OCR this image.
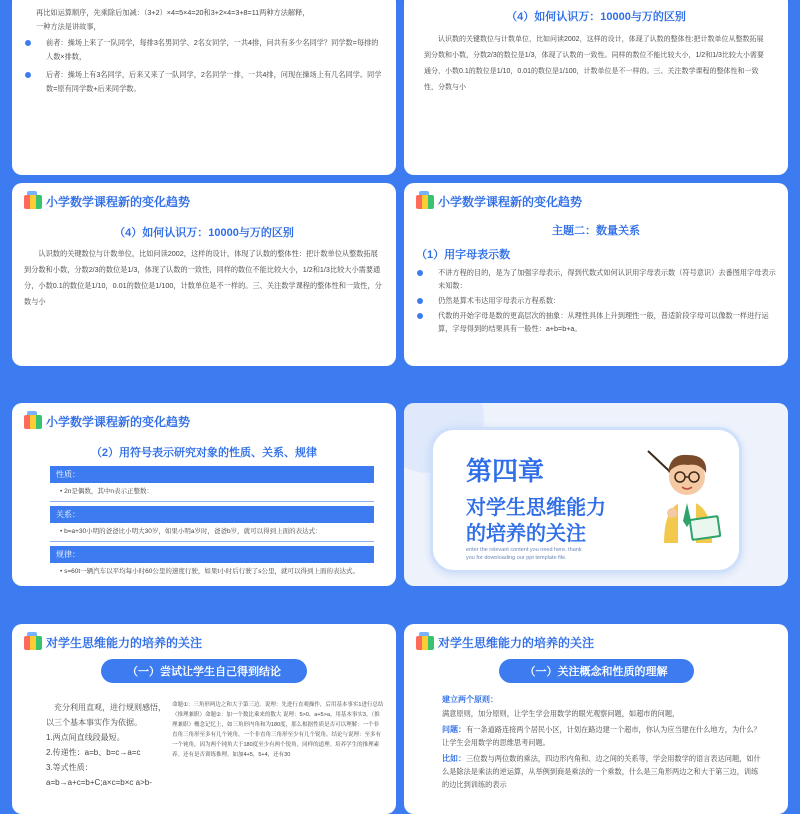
再比如运算顺序，先乘除后加减：（3+2）×4=5×4=20和3+2×4=3+8=11两种方法解释，
一种方法是讲故事，
前者：操场上来了一队同学，每排3名男同学、2名女同学，一共4排，问共有多少名同学？同学数=每排的人数×排数，
后者：操场上有3名同学，后来又来了一队同学，2名同学一排，一共4排，问现在操场上有几名同学。同学数=原有同学数+后来同学数。
（4）如何认识万：10000与万的区别
认识数的关键数位与计数单位，比如问读2002，这样的设计，体现了认数的整体性:把计数单位从整数拓展到分数和小数，分数2/3的数位是1/3，体现了认数的一致性。同样的数位不能比较大小，1/2和1/3比较大小需要通分，小数0.1的数位是1/10，0.01的数位是1/100，计数单位是不一样的。三、关注数学课程的整体性和一致性，分数与小
小学数学课程新的变化趋势
（4）如何认识万：10000与万的区别
认识数的关键数位与计数单位，比如问读2002，这样的设计，体现了认数的整体性：把计数单位从整数拓展到分数和小数，分数2/3的数位是1/3，体现了认数的一致性，同样的数位不能比较大小，1/2和1/3比较大小需要通分，小数0.1的数位是1/10，0.01的数位是1/100，计数单位是不一样的。三、关注数学课程的整体性和一致性，分数与小
小学数学课程新的变化趋势
主题二：数量关系
（1）用字母表示数
不讲方程的目的，是为了加强字母表示，得到代数式如何认识用字母表示数（符号意识）去番图用字母表示未知数：
仍然是算术韦达用字母表示方程系数：
代数的开始字母是数的更高层次的抽象：从理性具体上升到理性一般，普适阶段字母可以像数一样进行运算，字母得到的结果具有一般性：a+b=b+a。
小学数学课程新的变化趋势
（2）用符号表示研究对象的性质、关系、规律
性质：
• 2n是偶数，其中n表示正整数：
关系：
• b=a+30小明的爸爸比小明大30岁，如果小明a岁时，爸爸b岁，就可以得到上面的表达式：
规律：
• s=60t一辆汽车以平均每小时60公里的速度行驶，如果t小时后行驶了s公里，就可以得到上面的表达式。
第四章
对学生思维能力
的培养的关注
enter the relevant content you need here. thank
you for downloading our ppt template file.
对学生思维能力的培养的关注
（一）尝试让学生自己得到结论
充分利用直观，进行规则感悟，以三个基本事实作为依据。
1.两点间直线段最短。
2.传递性：a=b、b=c→a=c
3.等式性质：
a=b→a+c=b+C;a×c=b×c a>b-
命题①：三角形两边之和大于第三边。说理：先进行直观操作，后用基本事实1进行总结（推理兼职）命题②：加一个数比乘来的数大 说理：5>0、a+5>a。用基本事实3。（推理兼职）概念记忆上，如三角形内角和为180度，那么根据性质是否可以理解：一个非直角三角形至多有几个钝角，一个非直角三角形至少有几个锐角。结论与说理：至多有一个钝角，因为两个钝角大于180度至少有两个锐角，同样的道理。培养学生的推理素养。还有是否训练推理。如加4+5，5+4，还有30
对学生思维能力的培养的关注
（一）关注概念和性质的理解
建立两个原则：
满意原则，加分原则，让学生学会用数学的眼光观察问题，如超市的问题，
问题：有一条道路连接两个居民小区，计划在路边建一个超市，你认为应当建在什么地方，为什么？让学生会用数学的思维思考问题。
比如：三位数与两位数的乘法，四边形内角和、边之间的关系等，学会用数学的语言表达问题，如什么是除法是乘法的逆运算，从举例到商是乘法的一个乘数，什么是三角形两边之和大于第三边，训练的边比到训练的表示
